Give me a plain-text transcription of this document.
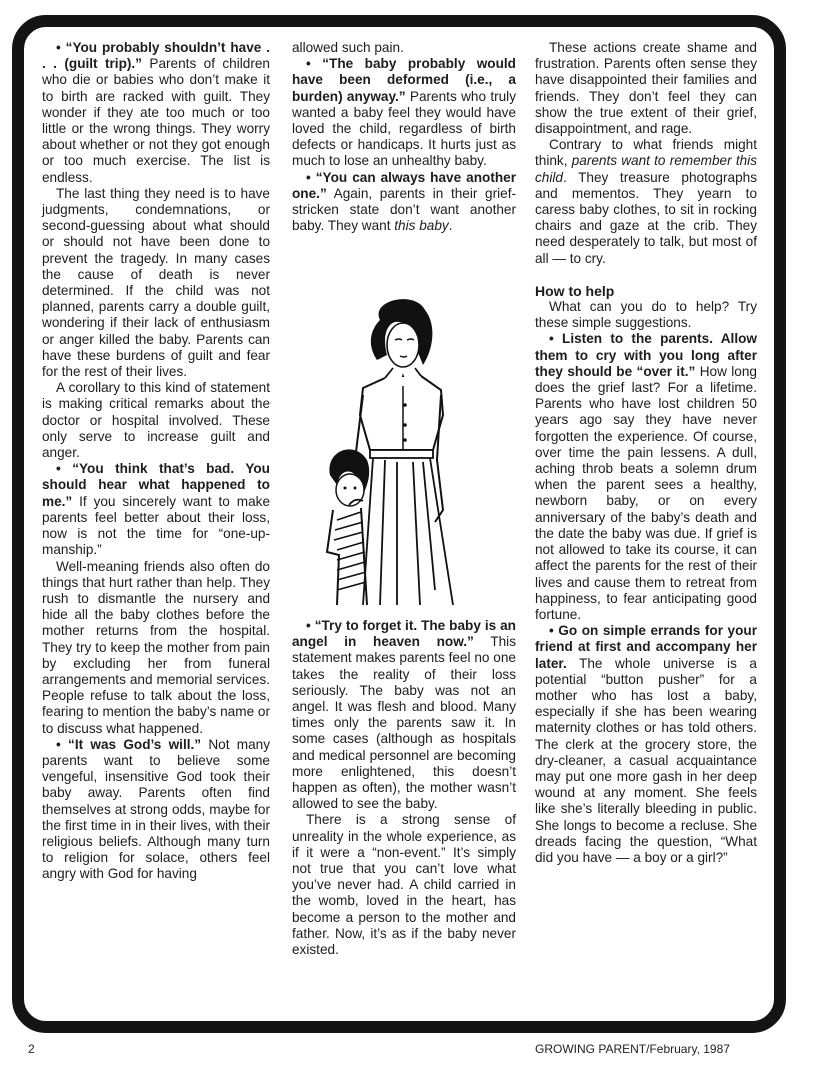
• “You probably shouldn’t have . . . (guilt trip).” Parents of children who die or babies who don’t make it to birth are racked with guilt. They wonder if they ate too much or too little or the wrong things. They worry about whether or not they got enough or too much exercise. The list is endless.

The last thing they need is to have judgments, condemnations, or second-guessing about what should or should not have been done to prevent the tragedy. In many cases the cause of death is never determined. If the child was not planned, parents carry a double guilt, wondering if their lack of enthusiasm or anger killed the baby. Parents can have these burdens of guilt and fear for the rest of their lives.

A corollary to this kind of statement is making critical remarks about the doctor or hospital involved. These only serve to increase guilt and anger.

• “You think that’s bad. You should hear what happened to me.” If you sincerely want to make parents feel better about their loss, now is not the time for “one-up-manship.”

Well-meaning friends also often do things that hurt rather than help. They rush to dismantle the nursery and hide all the baby clothes before the mother returns from the hospital. They try to keep the mother from pain by excluding her from funeral arrangements and memorial services. People refuse to talk about the loss, fearing to mention the baby’s name or to discuss what happened.

• “It was God’s will.” Not many parents want to believe some vengeful, insensitive God took their baby away. Parents often find themselves at strong odds, maybe for the first time in in their lives, with their religious beliefs. Although many turn to religion for solace, others feel angry with God for having

allowed such pain.

• “The baby probably would have been deformed (i.e., a burden) anyway.” Parents who truly wanted a baby feel they would have loved the child, regardless of birth defects or handicaps. It hurts just as much to lose an unhealthy baby.

• “You can always have another one.” Again, parents in their grief-stricken state don’t want another baby. They want this baby.

• “Try to forget it. The baby is an angel in heaven now.” This statement makes parents feel no one takes the reality of their loss seriously. The baby was not an angel. It was flesh and blood. Many times only the parents saw it. In some cases (although as hospitals and medical personnel are becoming more enlightened, this doesn’t happen as often), the mother wasn’t allowed to see the baby.

There is a strong sense of unreality in the whole experience, as if it were a “non-event.” It’s simply not true that you can’t love what you’ve never had. A child carried in the womb, loved in the heart, has become a person to the mother and father. Now, it’s as if the baby never existed.

These actions create shame and frustration. Parents often sense they have disappointed their families and friends. They don’t feel they can show the true extent of their grief, disappointment, and rage.

Contrary to what friends might think, parents want to remember this child. They treasure photographs and mementos. They yearn to caress baby clothes, to sit in rocking chairs and gaze at the crib. They need desperately to talk, but most of all — to cry.

How to help

What can you do to help? Try these simple suggestions.

• Listen to the parents. Allow them to cry with you long after they should be “over it.” How long does the grief last? For a lifetime. Parents who have lost children 50 years ago say they have never forgotten the experience. Of course, over time the pain lessens. A dull, aching throb beats a solemn drum when the parent sees a healthy, newborn baby, or on every anniversary of the baby’s death and the date the baby was due. If grief is not allowed to take its course, it can affect the parents for the rest of their lives and cause them to retreat from happiness, to fear anticipating good fortune.

• Go on simple errands for your friend at first and accompany her later. The whole universe is a potential “button pusher” for a mother who has lost a baby, especially if she has been wearing maternity clothes or has told others. The clerk at the grocery store, the dry-cleaner, a casual acquaintance may put one more gash in her deep wound at any moment. She feels like she’s literally bleeding in public. She longs to become a recluse. She dreads facing the question, “What did you have — a boy or a girl?”

2	GROWING PARENT/February, 1987
